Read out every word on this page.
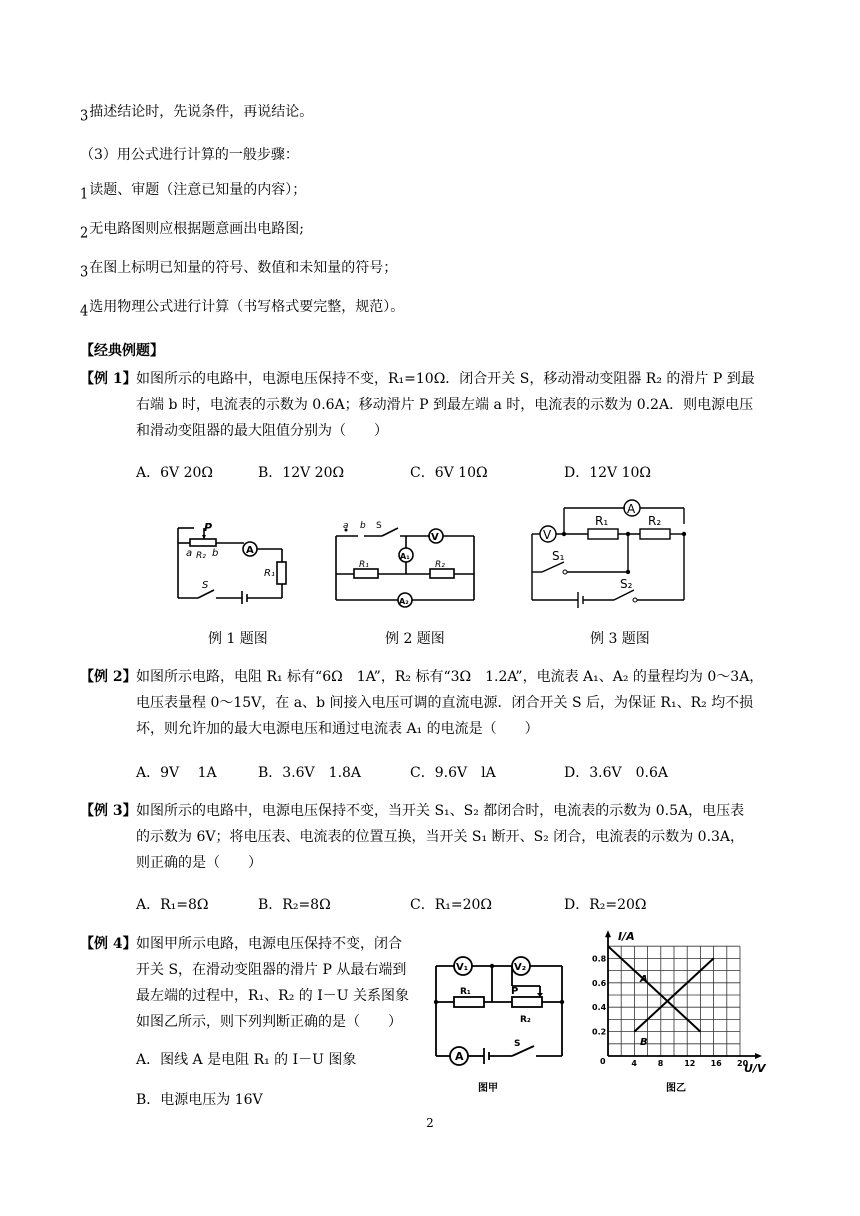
3描述结论时，先说条件，再说结论。
（3）用公式进行计算的一般步骤：
1读题、审题（注意已知量的内容）；
2无电路图则应根据题意画出电路图;
3在图上标明已知量的符号、数值和未知量的符号；
4选用物理公式进行计算（书写格式要完整，规范）。
【经典例题】
【例 1】 如图所示的电路中，电源电压保持不变，R₁=10Ω．闭合开关 S，移动滑动变阻器 R₂ 的滑片 P 到最
右端 b 时，电流表的示数为 0.6A；移动滑片 P 到最左端 a 时，电流表的示数为 0.2A．则电源电压
和滑动变阻器的最大阻值分别为（　　）
A．6V 20Ω	B．12V 20Ω	C．6V 10Ω	D．12V 10Ω
P
a b
R₂	A
R₁
S
a b S
V
A₁
R₁	R₂
A₂
A
V
R₁	R₂
S₁
S₂
例 1 题图	例 2 题图	例 3 题图
【例 2】 如图所示电路，电阻 R₁ 标有“6Ω　1A”，R₂ 标有“3Ω　1.2A”，电流表 A₁、A₂ 的量程均为 0～3A，
电压表量程 0～15V，在 a、b 间接入电压可调的直流电源．闭合开关 S 后，为保证 R₁、R₂ 均不损
坏，则允许加的最大电源电压和通过电流表 A₁ 的电流是（　　）
A．9V　 1A	B．3.6V　1.8A	C．9.6V　lA	D．3.6V　0.6A
【例 3】 如图所示的电路中，电源电压保持不变，当开关 S₁、S₂ 都闭合时，电流表的示数为 0.5A，电压表
的示数为 6V；将电压表、电流表的位置互换，当开关 S₁ 断开、S₂ 闭合，电流表的示数为 0.3A，
则正确的是（　　）
A．R₁=8Ω	B．R₂=8Ω	C．R₁=20Ω	D．R₂=20Ω
【例 4】 如图甲所示电路，电源电压保持不变，闭合
开关 S，在滑动变阻器的滑片 P 从最右端到
最左端的过程中，R₁、R₂ 的 I－U 关系图象
如图乙所示，则下列判断正确的是（　　）
A．图线 A 是电阻 R₁ 的 I－U 图象
B．电源电压为 16V
V₁	V₂
R₁	P
R₂
A
S
图甲
4	8	12 16 20
0.2
0.4
0.6
0.8
I/A
U/V
0
A
B
图乙
2
